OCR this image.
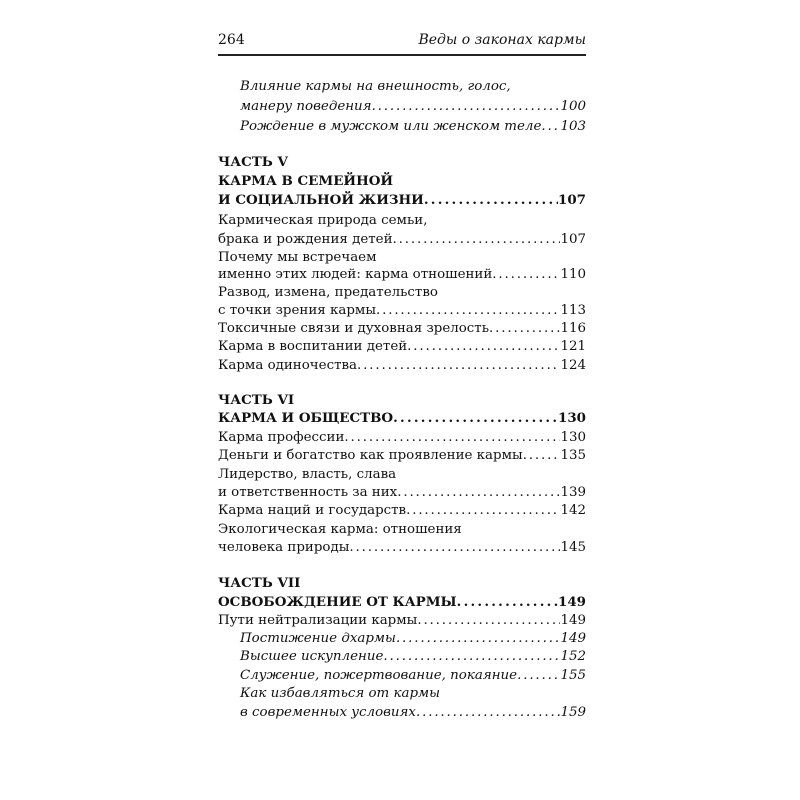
264	Веды о законах кармы
Влияние кармы на внешность, голос,
манеру поведения . . .	100
Рождение в мужском или женском теле . . . 103
ЧАСТЬ V
КАРМА В СЕМЕЙНОЙ
И СОЦИАЛЬНОЙ ЖИЗНИ . . .	107
Кармическая природа семьи,
брака и рождения детей . . .	107
Почему мы встречаем
именно этих людей: карма отношений . . .	110
Развод, измена, предательство
с точки зрения кармы . . .	113
Токсичные связи и духовная зрелость . . .	116
Карма в воспитании детей . . .	121
Карма одиночества . . .	124
ЧАСТЬ VI
КАРМА И ОБЩЕСТВО . . .	130
Карма профессии . . .	130
Деньги и богатство как проявление кармы . . .	135
Лидерство, власть, слава
и ответственность за них . . .	139
Карма наций и государств . . .	142
Экологическая карма: отношения
человека природы . . .	145
ЧАСТЬ VII
ОСВОБОЖДЕНИЕ ОТ КАРМЫ . . .	149
Пути нейтрализации кармы . . .	149
Постижение дхармы . . .	149
Высшее искупление . . .	152
Служение, пожертвование, покаяние . . .	155
Как избавляться от кармы
в современных условиях . . .	159
